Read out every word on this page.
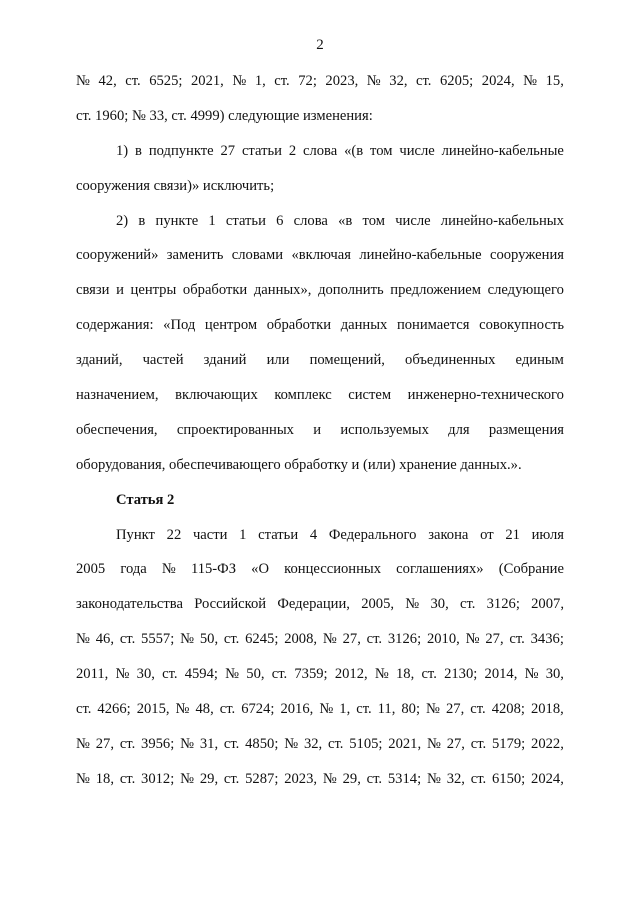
2
№ 42, ст. 6525; 2021, № 1, ст. 72; 2023, № 32, ст. 6205; 2024, № 15,
ст. 1960; № 33, ст. 4999) следующие изменения:
1) в подпункте 27 статьи 2 слова «(в том числе линейно-кабельные
сооружения связи)» исключить;
2) в пункте 1 статьи 6 слова «в том числе линейно-кабельных
сооружений» заменить словами «включая линейно-кабельные сооружения
связи и центры обработки данных», дополнить предложением следующего
содержания: «Под центром обработки данных понимается совокупность
зданий, частей зданий или помещений, объединенных единым
назначением, включающих комплекс систем инженерно-технического
обеспечения, спроектированных и используемых для размещения
оборудования, обеспечивающего обработку и (или) хранение данных.».
Статья 2
Пункт 22 части 1 статьи 4 Федерального закона от 21 июля
2005 года № 115-ФЗ «О концессионных соглашениях» (Собрание
законодательства Российской Федерации, 2005, № 30, ст. 3126; 2007,
№ 46, ст. 5557; № 50, ст. 6245; 2008, № 27, ст. 3126; 2010, № 27, ст. 3436;
2011, № 30, ст. 4594; № 50, ст. 7359; 2012, № 18, ст. 2130; 2014, № 30,
ст. 4266; 2015, № 48, ст. 6724; 2016, № 1, ст. 11, 80; № 27, ст. 4208; 2018,
№ 27, ст. 3956; № 31, ст. 4850; № 32, ст. 5105; 2021, № 27, ст. 5179; 2022,
№ 18, ст. 3012; № 29, ст. 5287; 2023, № 29, ст. 5314; № 32, ст. 6150; 2024,
